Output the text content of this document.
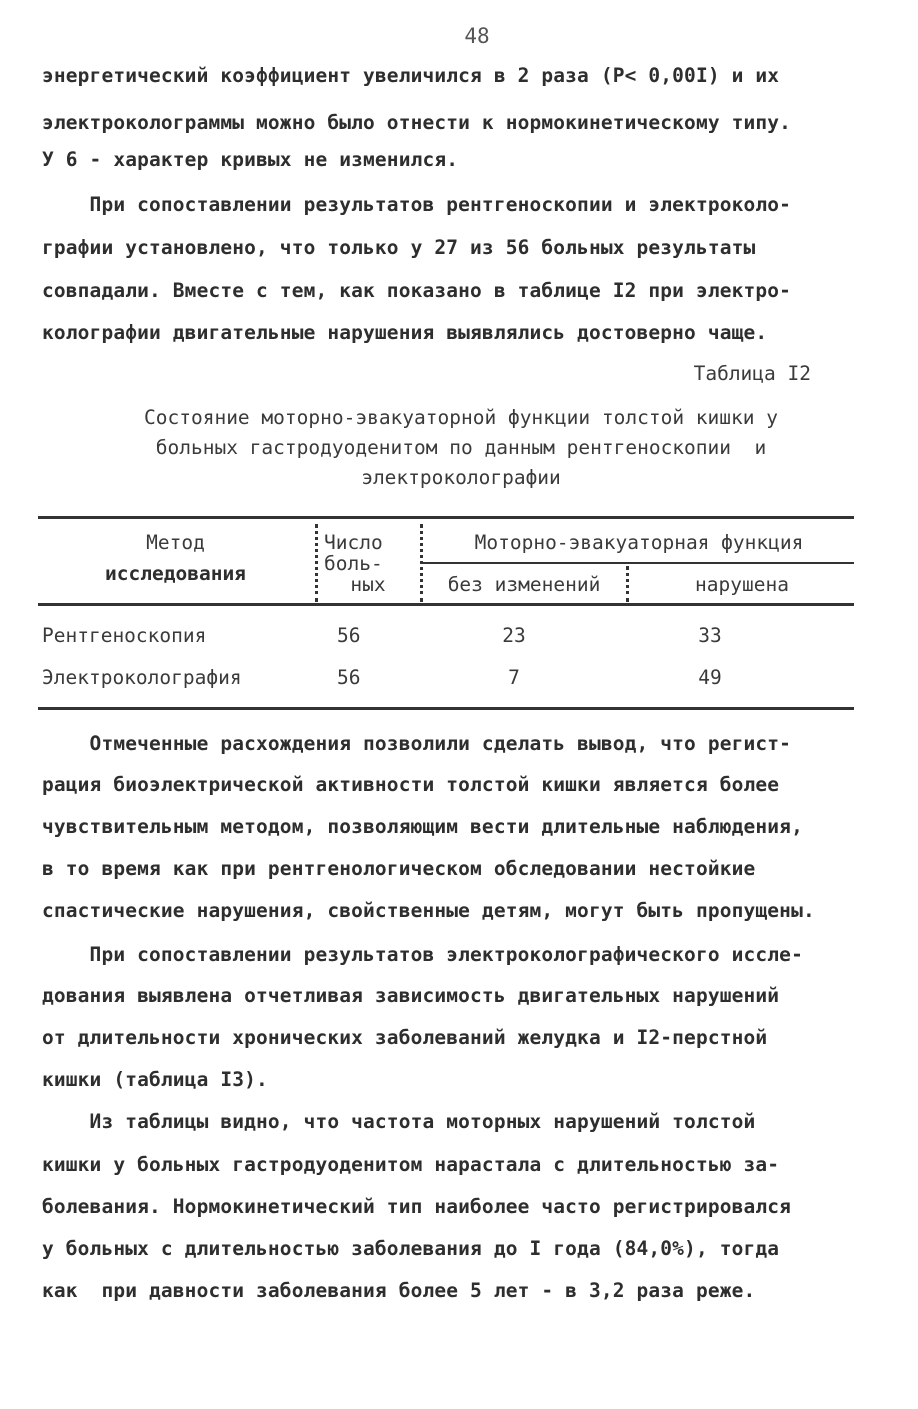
48
энергетический коэффициент увеличился в 2 раза (Р< 0,00I) и их
электроколограммы можно было отнести к нормокинетическому типу.
У 6 - характер кривых не изменился.
При сопоставлении результатов рентгеноскопии и электроколо-
графии установлено, что только у 27 из 56 больных результаты
совпадали. Вместе с тем, как показано в таблице I2 при электро-
колографии двигательные нарушения выявлялись достоверно чаще.
Таблица I2
Состояние моторно-эвакуаторной функции толстой кишки у
больных гастродуоденитом по данным рентгеноскопии  и
электроколографии
Метод
исследования
Число
боль-
ных
Моторно-эвакуаторная функция
без изменений	нарушена
Рентгеноскопия	56	23	33
Электроколография	56	7	49
Отмеченные расхождения позволили сделать вывод, что регист-
рация биоэлектрической активности толстой кишки является более
чувствительным методом, позволяющим вести длительные наблюдения,
в то время как при рентгенологическом обследовании нестойкие
спастические нарушения, свойственные детям, могут быть пропущены.
При сопоставлении результатов электроколографического иссле-
дования выявлена отчетливая зависимость двигательных нарушений
от длительности хронических заболеваний желудка и I2-перстной
кишки (таблица I3).
Из таблицы видно, что частота моторных нарушений толстой
кишки у больных гастродуоденитом нарастала с длительностью за-
болевания. Нормокинетический тип наиболее часто регистрировался
у больных с длительностью заболевания до I года (84,0%), тогда
как  при давности заболевания более 5 лет - в 3,2 раза реже.
